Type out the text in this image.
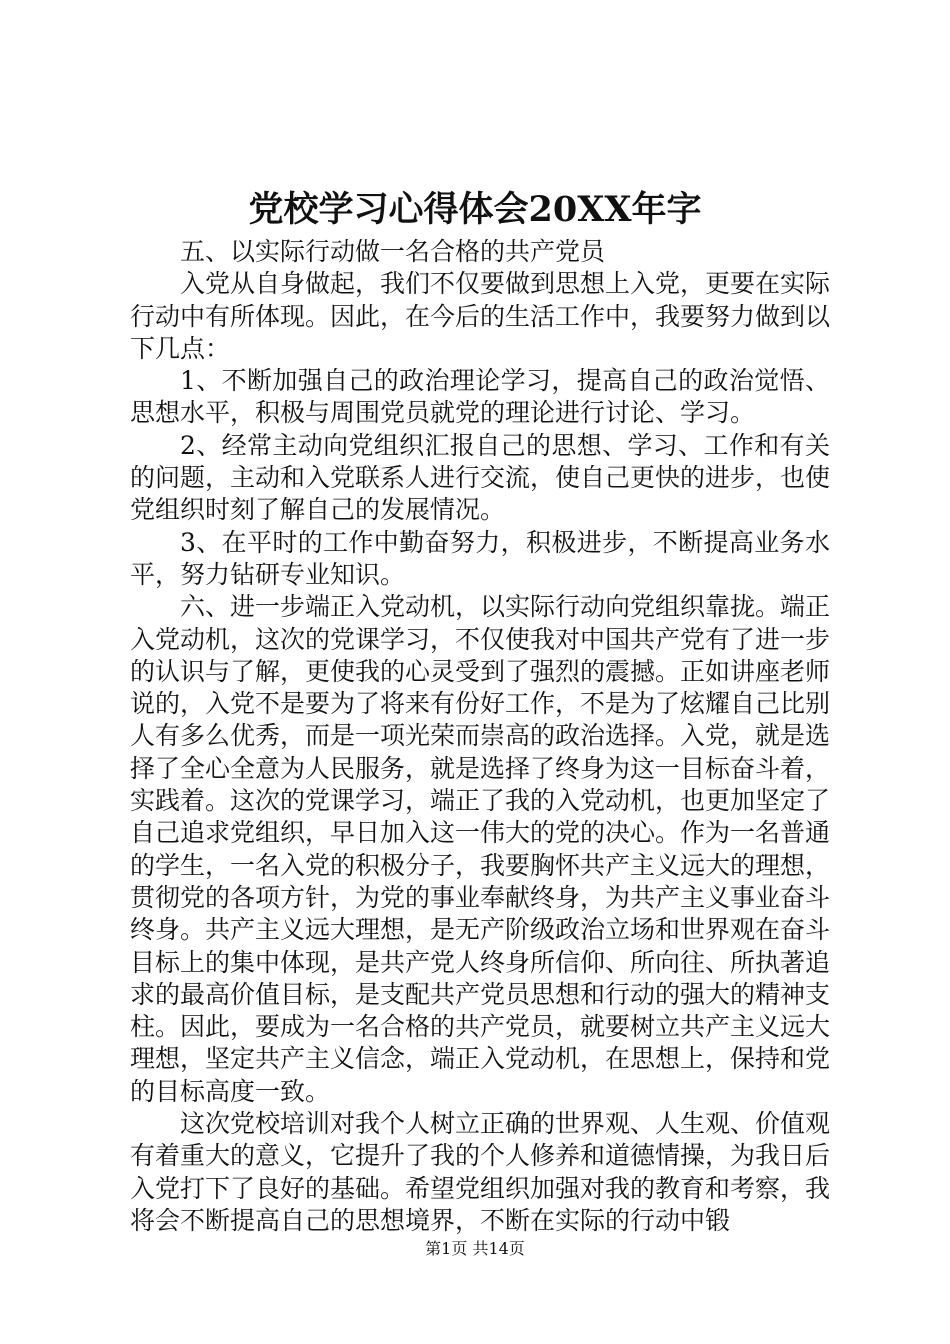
党校学习心得体会20XX年字

五、以实际行动做一名合格的共产党员

入党从自身做起，我们不仅要做到思想上入党，更要在实际行动中有所体现。因此，在今后的生活工作中，我要努力做到以下几点：

1、不断加强自己的政治理论学习，提高自己的政治觉悟、思想水平，积极与周围党员就党的理论进行讨论、学习。

2、经常主动向党组织汇报自己的思想、学习、工作和有关的问题，主动和入党联系人进行交流，使自己更快的进步，也使党组织时刻了解自己的发展情况。

3、在平时的工作中勤奋努力，积极进步，不断提高业务水平，努力钻研专业知识。

六、进一步端正入党动机，以实际行动向党组织靠拢。端正入党动机，这次的党课学习，不仅使我对中国共产党有了进一步的认识与了解，更使我的心灵受到了强烈的震撼。正如讲座老师说的，入党不是要为了将来有份好工作，不是为了炫耀自己比别人有多么优秀，而是一项光荣而崇高的政治选择。入党，就是选择了全心全意为人民服务，就是选择了终身为这一目标奋斗着，实践着。这次的党课学习，端正了我的入党动机，也更加坚定了自己追求党组织，早日加入这一伟大的党的决心。作为一名普通的学生，一名入党的积极分子，我要胸怀共产主义远大的理想，贯彻党的各项方针，为党的事业奉献终身，为共产主义事业奋斗终身。共产主义远大理想，是无产阶级政治立场和世界观在奋斗目标上的集中体现，是共产党人终身所信仰、所向往、所执著追求的最高价值目标，是支配共产党员思想和行动的强大的精神支柱。因此，要成为一名合格的共产党员，就要树立共产主义远大理想，坚定共产主义信念，端正入党动机，在思想上，保持和党的目标高度一致。

这次党校培训对我个人树立正确的世界观、人生观、价值观有着重大的意义，它提升了我的个人修养和道德情操，为我日后入党打下了良好的基础。希望党组织加强对我的教育和考察，我将会不断提高自己的思想境界，不断在实际的行动中锻

第1页 共14页
